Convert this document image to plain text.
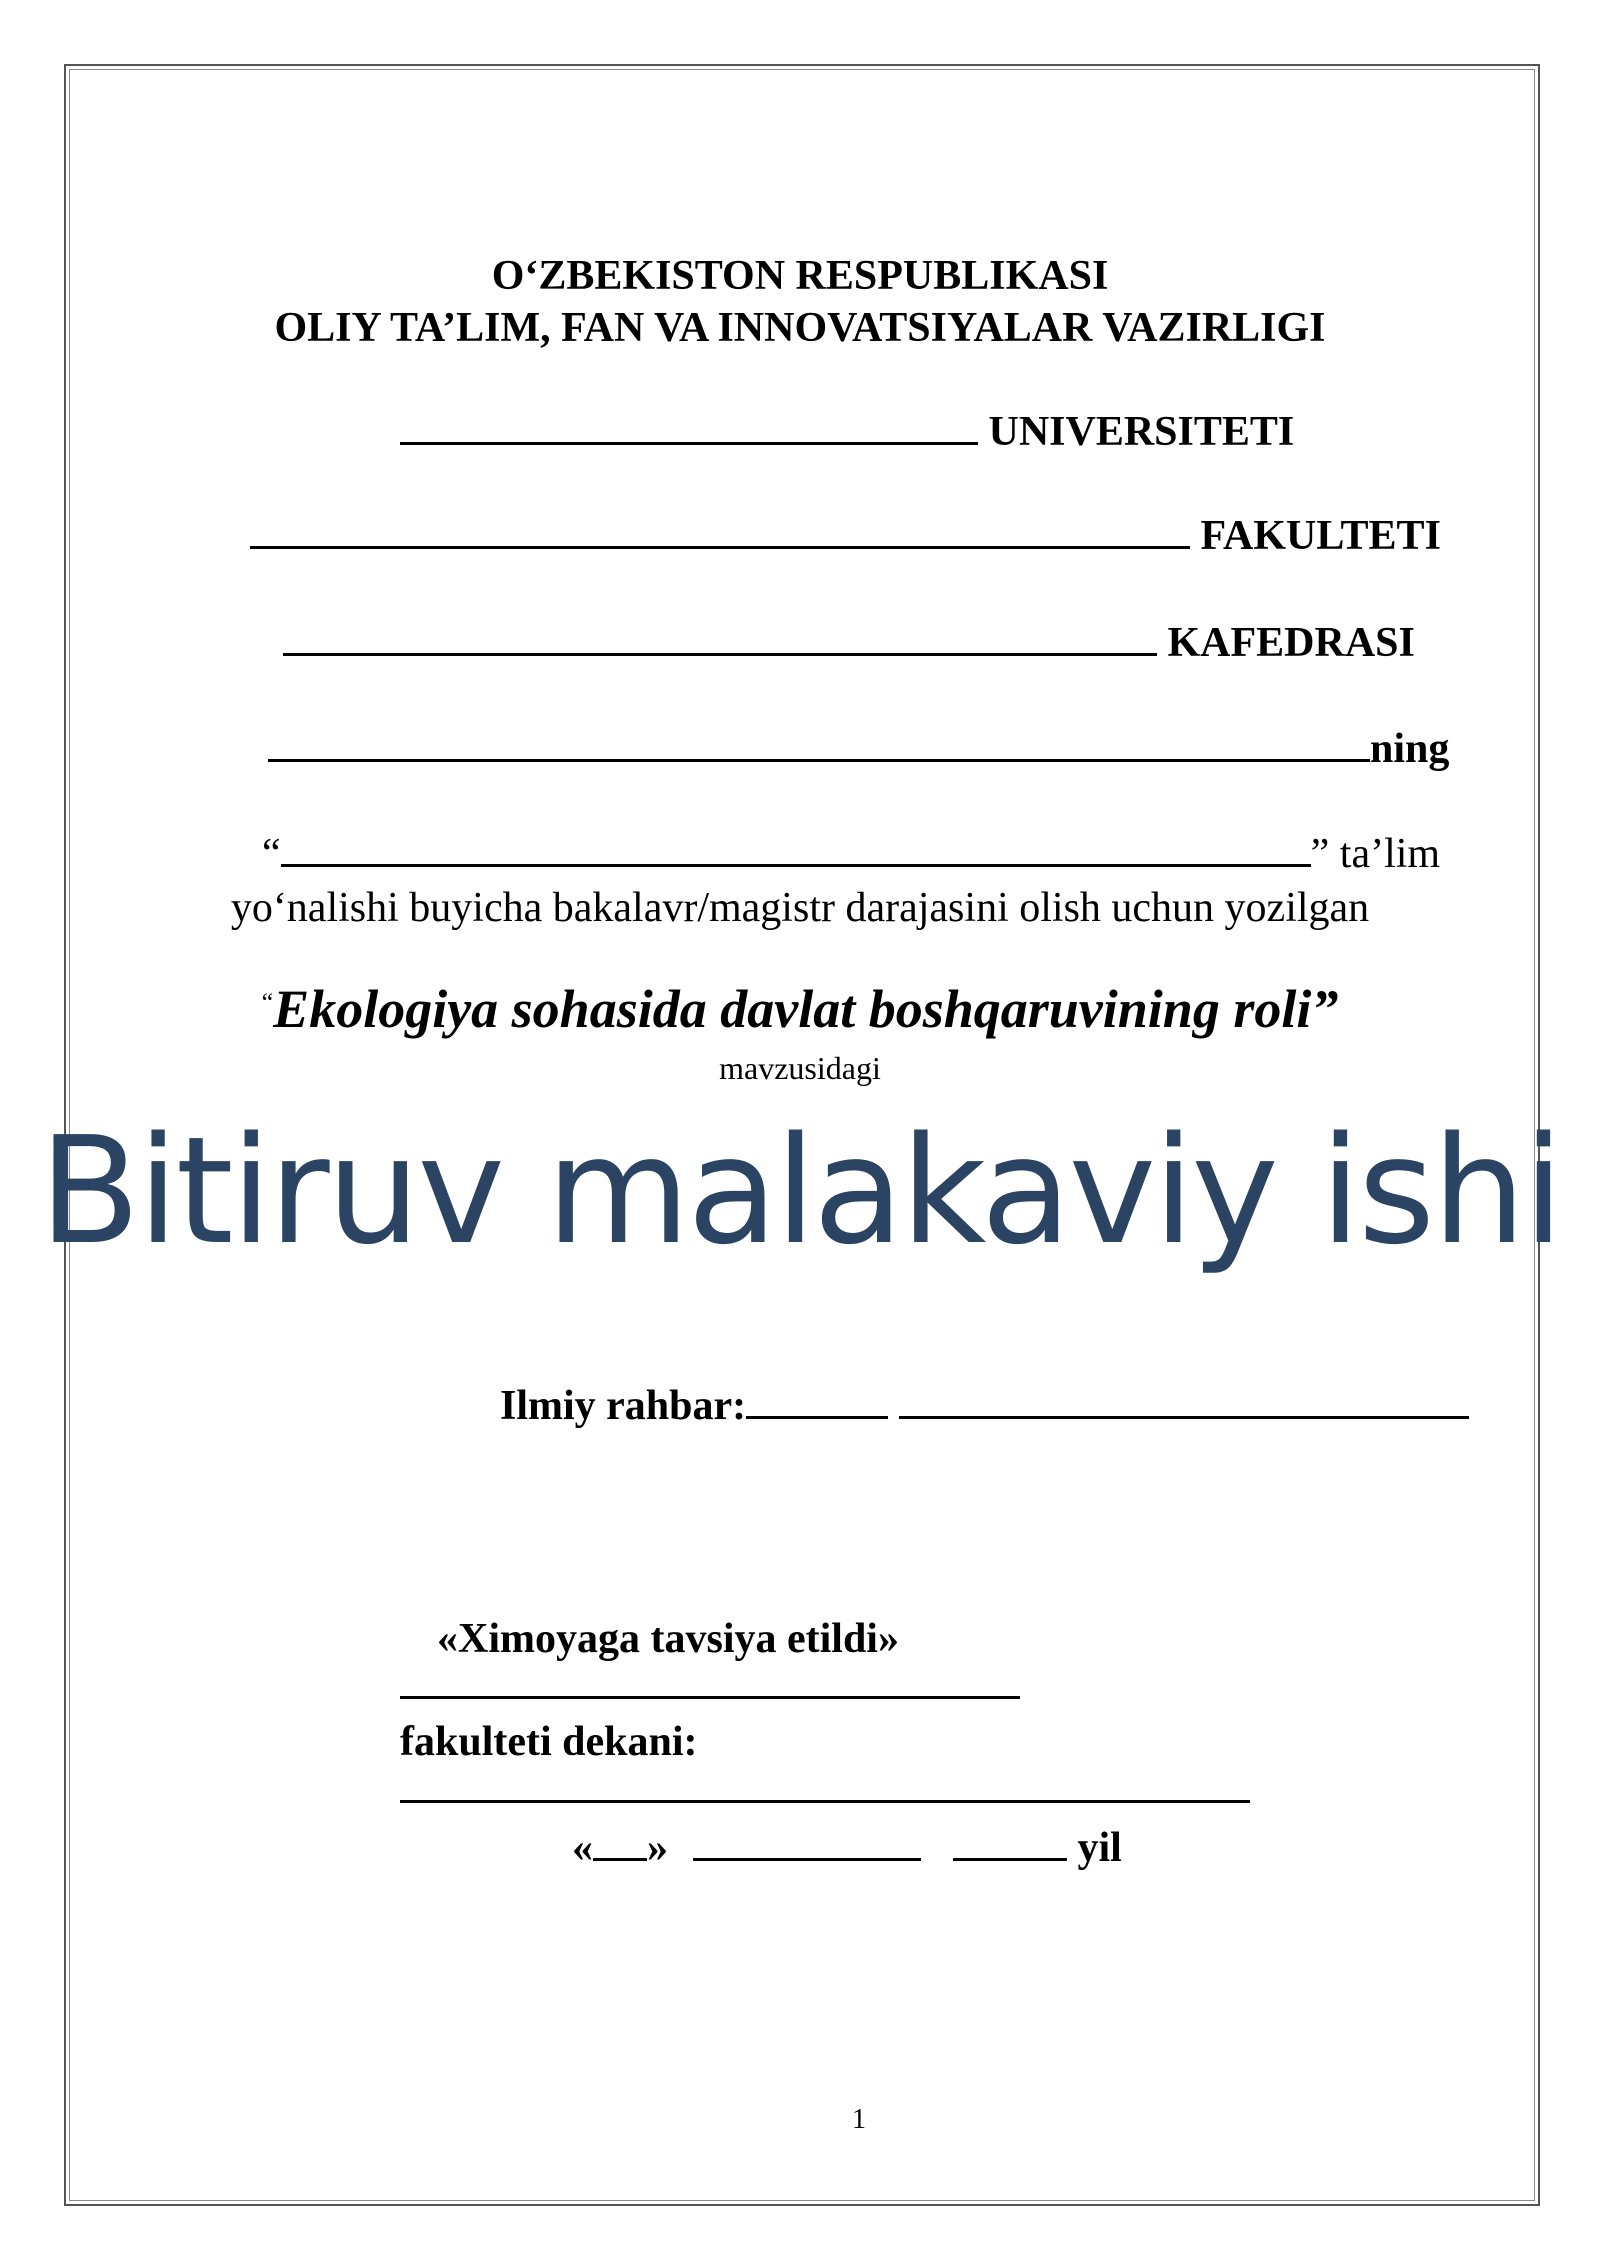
O‘ZBEKISTON RESPUBLIKASI
OLIY TA’LIM, FAN VA INNOVATSIYALAR VAZIRLIGI
UNIVERSITETI
FAKULTETI
KAFEDRASI
ning
“	” ta’lim
yo‘nalishi buyicha bakalavr/magistr darajasini olish uchun yozilgan
“Ekologiya sohasida davlat boshqaruvining roli”
mavzusidagi
Bitiruv malakaviy ishi
Ilmiy rahbar:
«Ximoyaga tavsiya etildi»
fakulteti dekani:
« »	yil
1
